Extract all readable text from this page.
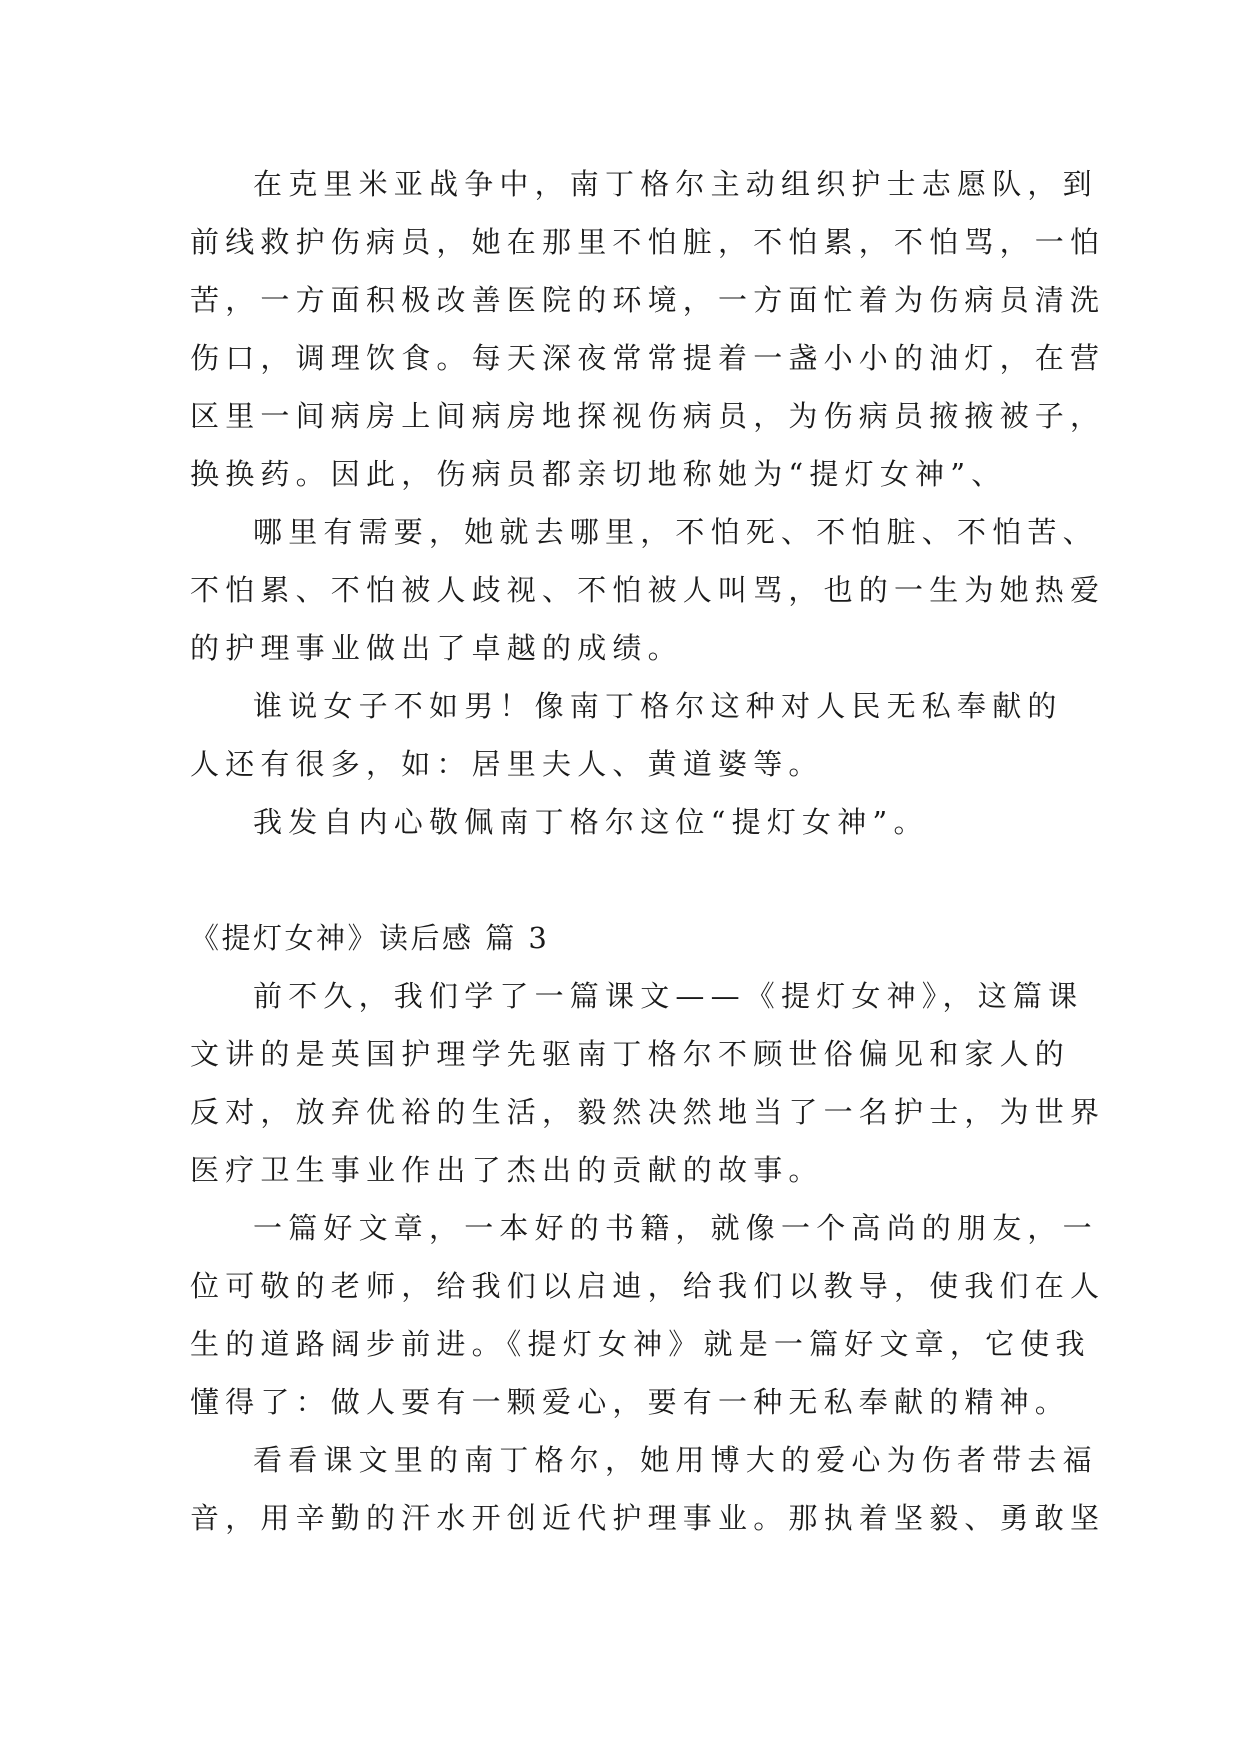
在克里米亚战争中，南丁格尔主动组织护士志愿队，到
前线救护伤病员，她在那里不怕脏，不怕累，不怕骂，一怕
苦，一方面积极改善医院的环境，一方面忙着为伤病员清洗
伤口，调理饮食。每天深夜常常提着一盏小小的油灯，在营
区里一间病房上间病房地探视伤病员，为伤病员掖掖被子，
换换药。因此，伤病员都亲切地称她为“提灯女神”、
哪里有需要，她就去哪里，不怕死、不怕脏、不怕苦、
不怕累、不怕被人歧视、不怕被人叫骂，也的一生为她热爱
的护理事业做出了卓越的成绩。
谁说女子不如男！像南丁格尔这种对人民无私奉献的
人还有很多，如：居里夫人、黄道婆等。
我发自内心敬佩南丁格尔这位“提灯女神”。
《提灯女神》读后感 篇 3
前不久，我们学了一篇课文——《提灯女神》，这篇课
文讲的是英国护理学先驱南丁格尔不顾世俗偏见和家人的
反对，放弃优裕的生活，毅然决然地当了一名护士，为世界
医疗卫生事业作出了杰出的贡献的故事。
一篇好文章，一本好的书籍，就像一个高尚的朋友，一
位可敬的老师，给我们以启迪，给我们以教导，使我们在人
生的道路阔步前进。《提灯女神》就是一篇好文章，它使我
懂得了：做人要有一颗爱心，要有一种无私奉献的精神。
看看课文里的南丁格尔，她用博大的爱心为伤者带去福
音，用辛勤的汗水开创近代护理事业。那执着坚毅、勇敢坚
